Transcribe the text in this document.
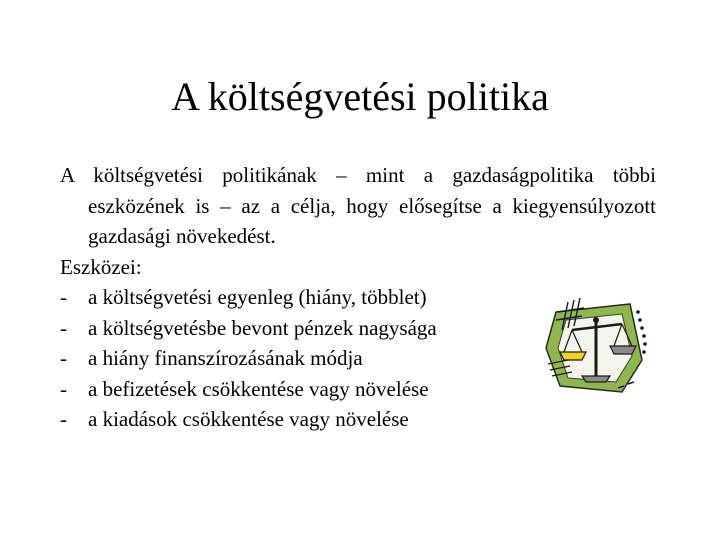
A költségvetési politika

A költségvetési politikának – mint a gazdaságpolitika többi eszközének is – az a célja, hogy elősegítse a kiegyensúlyozott gazdasági növekedést.

Eszközei:

-	a költségvetési egyenleg (hiány, többlet)
-	a költségvetésbe bevont pénzek nagysága
-	a hiány finanszírozásának módja
-	a befizetések csökkentése vagy növelése
-	a kiadások csökkentése vagy növelése
